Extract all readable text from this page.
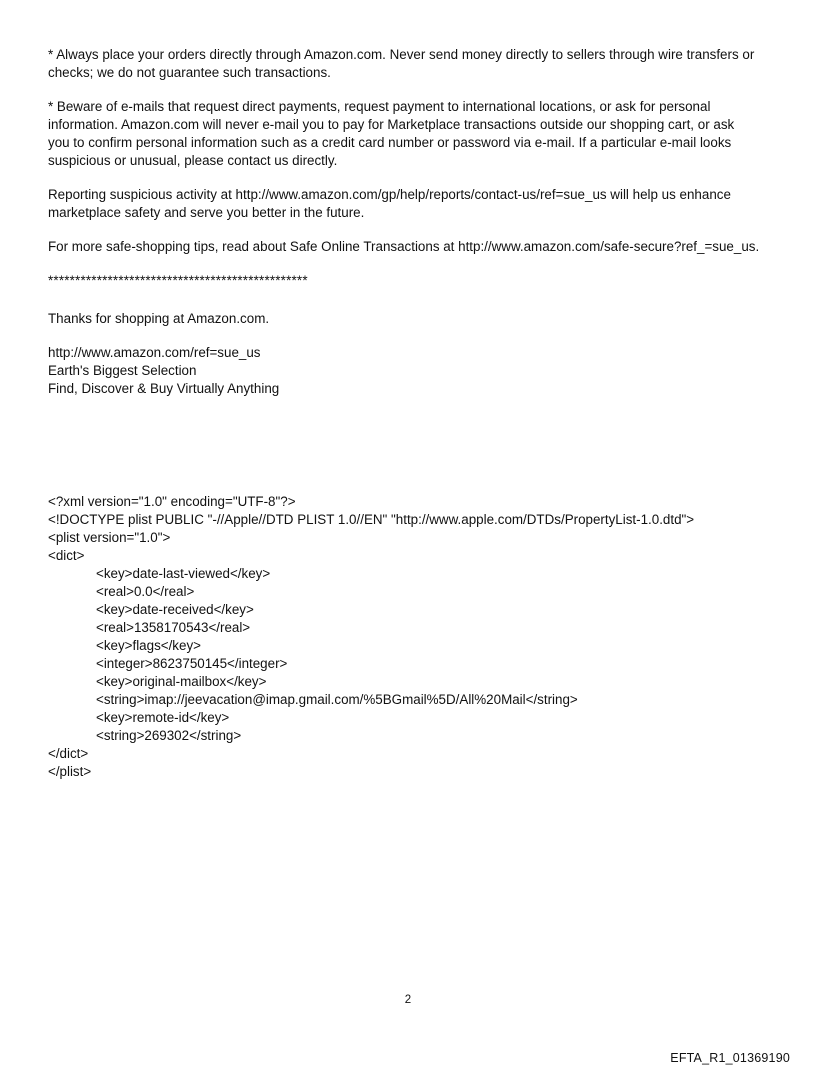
* Always place your orders directly through Amazon.com. Never send money directly to sellers through wire transfers or
checks; we do not guarantee such transactions.

* Beware of e-mails that request direct payments, request payment to international locations, or ask for personal
information. Amazon.com will never e-mail you to pay for Marketplace transactions outside our shopping cart, or ask
you to confirm personal information such as a credit card number or password via e-mail. If a particular e-mail looks
suspicious or unusual, please contact us directly.

Reporting suspicious activity at http://www.amazon.com/gp/help/reports/contact-us/ref=sue_us will help us enhance
marketplace safety and serve you better in the future.

For more safe-shopping tips, read about Safe Online Transactions at http://www.amazon.com/safe-secure?ref_=sue_us.

************************************************

Thanks for shopping at Amazon.com.

http://www.amazon.com/ref=sue_us
Earth's Biggest Selection
Find, Discover & Buy Virtually Anything

<?xml version="1.0" encoding="UTF-8"?>
<!DOCTYPE plist PUBLIC "-//Apple//DTD PLIST 1.0//EN" "http://www.apple.com/DTDs/PropertyList-1.0.dtd">
<plist version="1.0">
<dict>
<key>date-last-viewed</key>
<real>0.0</real>
<key>date-received</key>
<real>1358170543</real>
<key>flags</key>
<integer>8623750145</integer>
<key>original-mailbox</key>
<string>imap://jeevacation@imap.gmail.com/%5BGmail%5D/All%20Mail</string>
<key>remote-id</key>
<string>269302</string>
</dict>
</plist>
2
EFTA_R1_01369190
